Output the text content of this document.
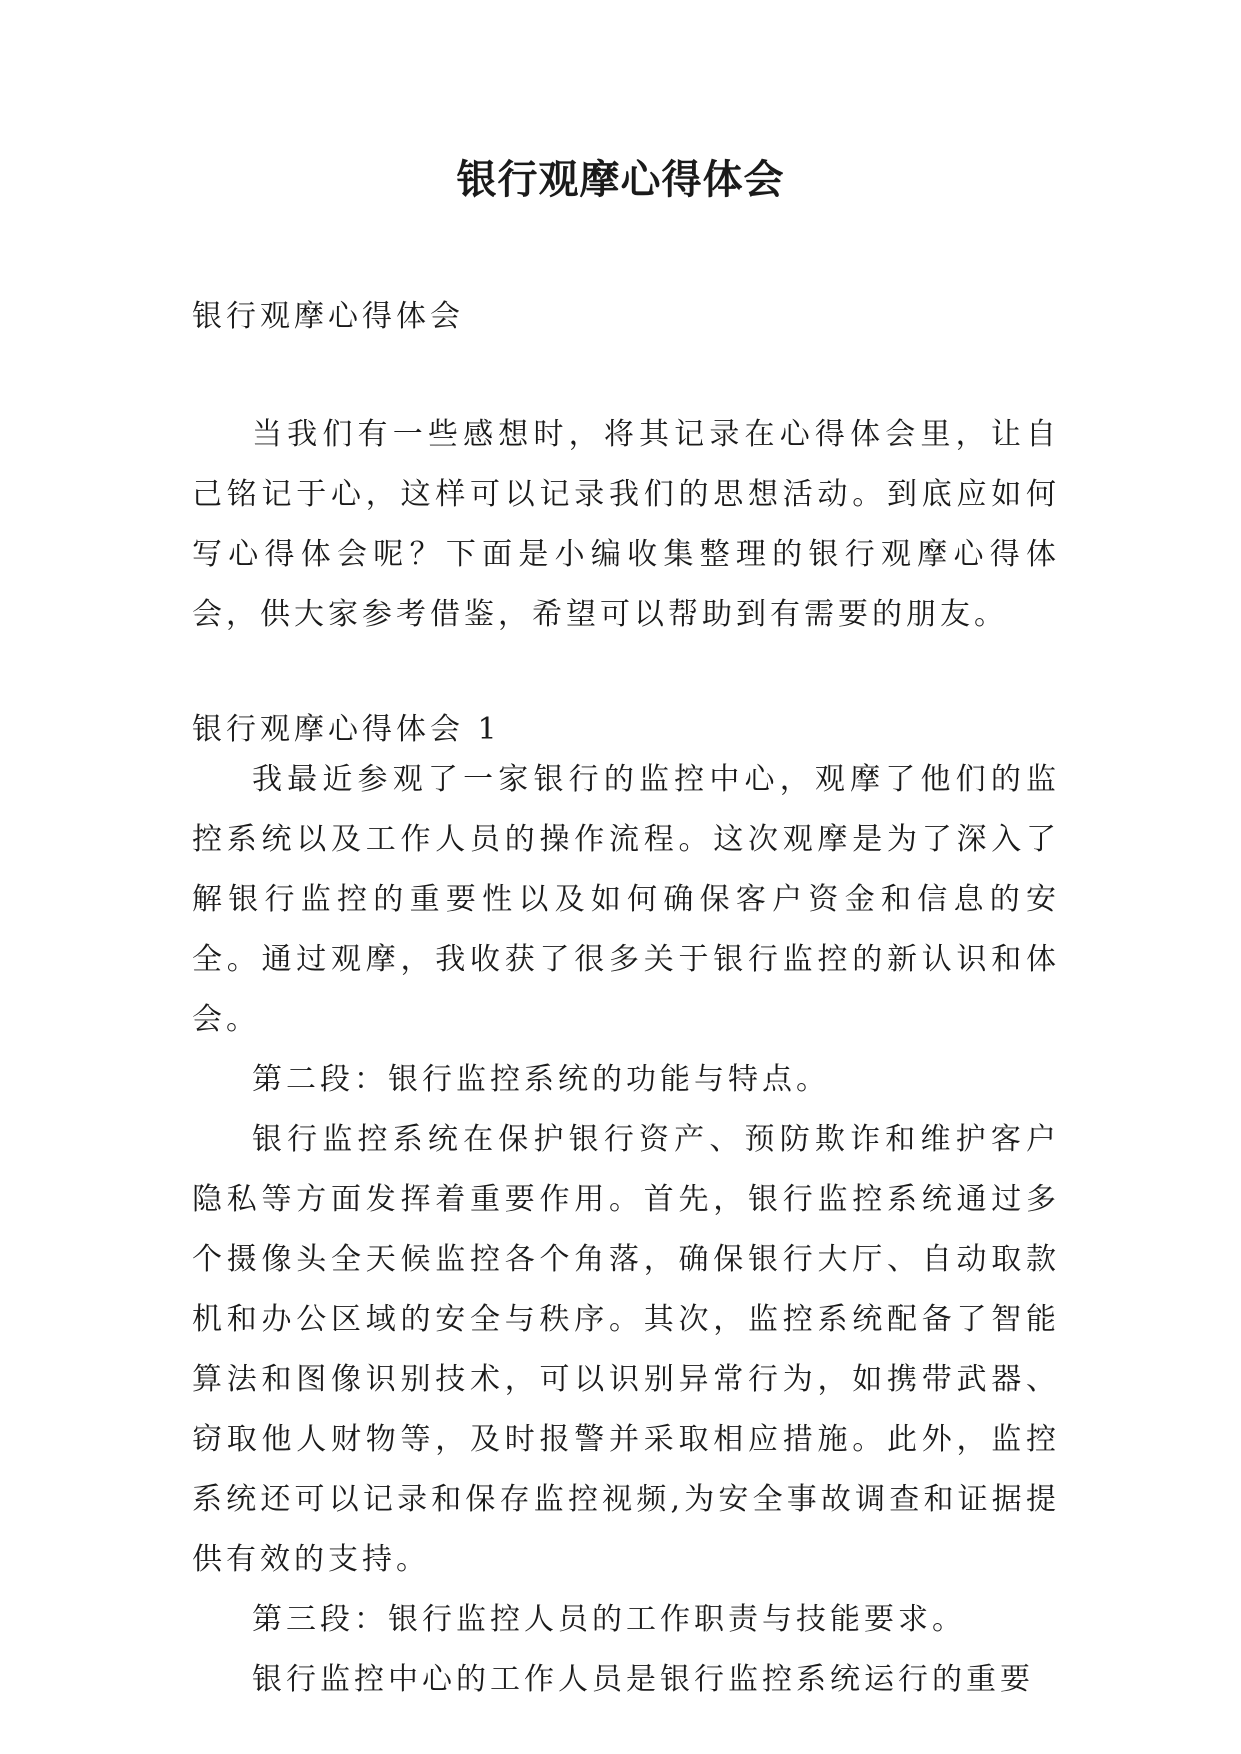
银行观摩心得体会
银行观摩心得体会

当我们有一些感想时，将其记录在心得体会里，让自己铭记于心，这样可以记录我们的思想活动。到底应如何写心得体会呢？下面是小编收集整理的银行观摩心得体会，供大家参考借鉴，希望可以帮助到有需要的朋友。

银行观摩心得体会 1

我最近参观了一家银行的监控中心，观摩了他们的监控系统以及工作人员的操作流程。这次观摩是为了深入了解银行监控的重要性以及如何确保客户资金和信息的安全。通过观摩，我收获了很多关于银行监控的新认识和体会。

第二段：银行监控系统的功能与特点。

银行监控系统在保护银行资产、预防欺诈和维护客户隐私等方面发挥着重要作用。首先，银行监控系统通过多个摄像头全天候监控各个角落，确保银行大厅、自动取款机和办公区域的安全与秩序。其次，监控系统配备了智能算法和图像识别技术，可以识别异常行为，如携带武器、窃取他人财物等，及时报警并采取相应措施。此外，监控系统还可以记录和保存监控视频,为安全事故调查和证据提供有效的支持。

第三段：银行监控人员的工作职责与技能要求。

银行监控中心的工作人员是银行监控系统运行的重要
